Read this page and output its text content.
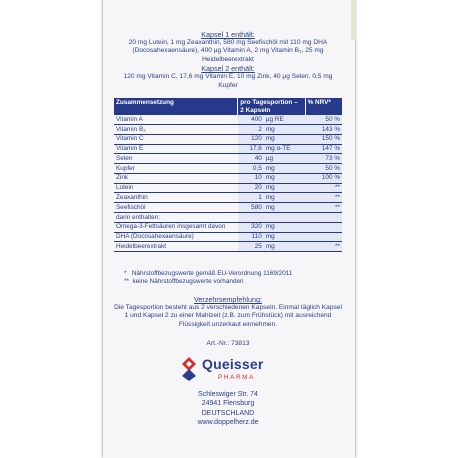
Kapsel 1 enthält:

20 mg Lutein, 1 mg Zeaxanthin, 580 mg Seefischöl mit 110 mg DHA (Docosahexaensäure), 400 µg Vitamin A, 2 mg Vitamin B₂, 25 mg Heidelbeerextrakt

Kapsel 2 enthält:

120 mg Vitamin C, 17,6 mg Vitamin E, 10 mg Zink, 40 µg Selen, 0,5 mg Kupfer

Zusammensetzung	pro Tagesportion – 2 Kapseln		% NRV*
Vitamin A	400	µg RE	50 %
Vitamin B₂	2	mg	143 %
Vitamin C	120	mg	150 %
Vitamin E	17,6	mg α-TE	147 %
Selen	40	µg	73 %
Kupfer	0,5	mg	50 %
Zink	10	mg	100 %
Lutein	20	mg	**
Zeaxanthin	1	mg	**
Seefischöl	580	mg	**
darin enthalten:			
Omega-3-Fettsäuren insgesamt davon	320	mg	
DHA (Docosahexaensäure)	110	mg	
Heidelbeerextrakt	25	mg	**
*   Nährstoffbezugswerte gemäß EU-Verordnung 1169/2011
**  keine Nährstoffbezugswerte vorhanden

Verzehrsempfehlung:

Die Tagesportion besteht aus 2 verschiedenen Kapseln. Einmal täglich Kapsel 1 und Kapsel 2 zu einer Mahlzeit (z.B. zum Frühstück) mit ausreichend Flüssigkeit unzerkaut einnehmen.

Art.-Nr.: 73813
Queisser
PHARMA
Schleswiger Str. 74
24941 Flensburg
DEUTSCHLAND
www.doppelherz.de
